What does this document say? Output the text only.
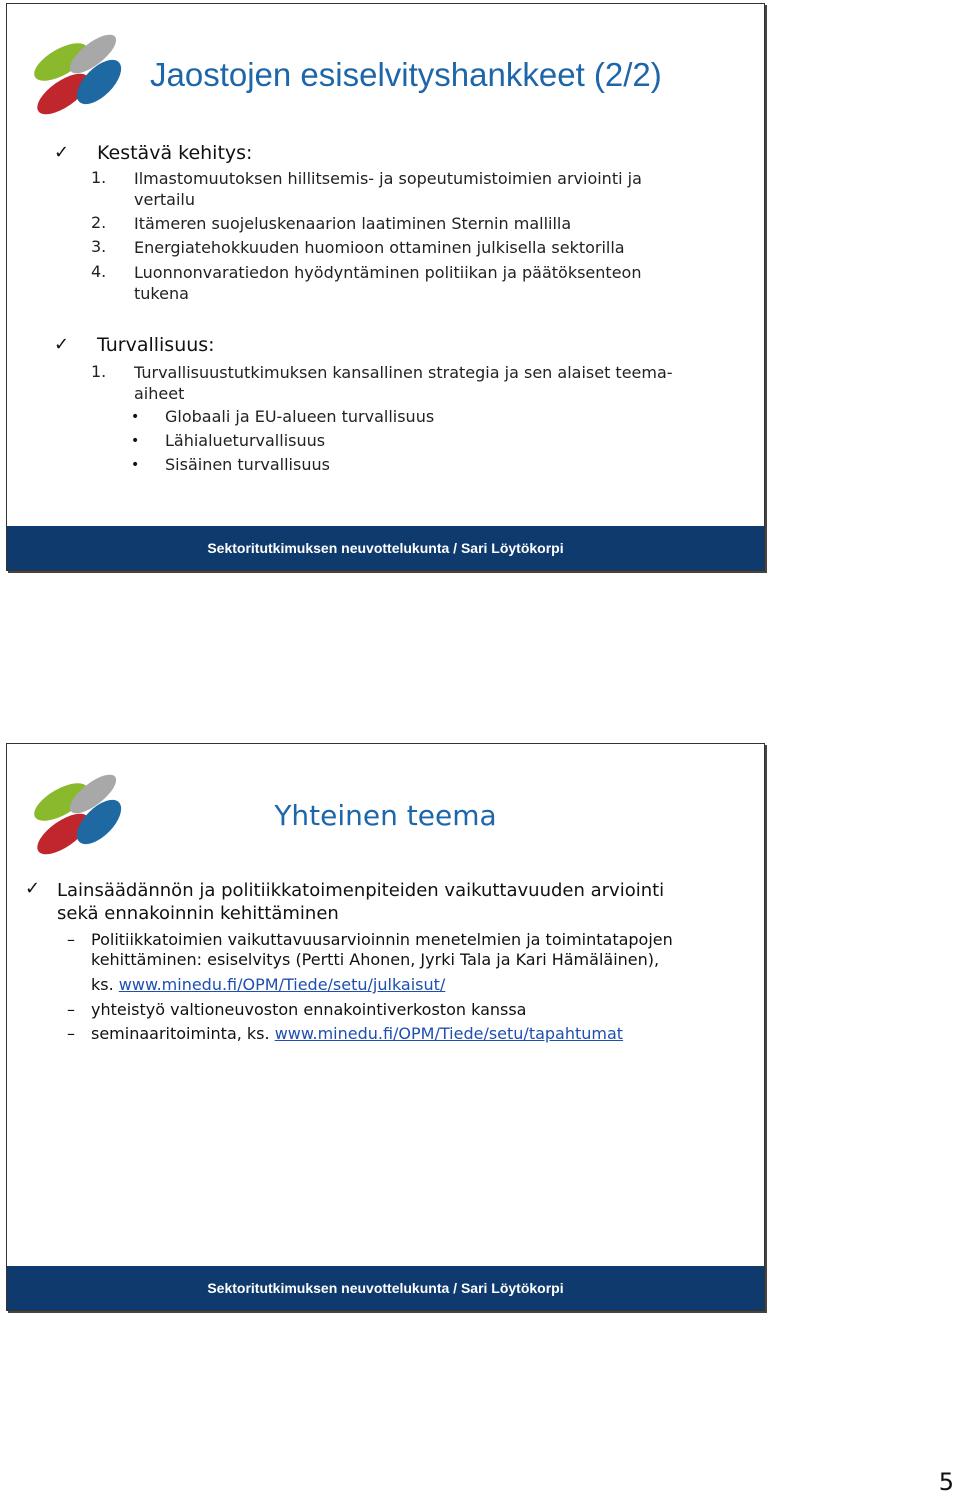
Jaostojen esiselvityshankkeet (2/2)
✓ Kestävä kehitys:
1. Ilmastomuutoksen hillitsemis- ja sopeutumistoimien arviointi ja
vertailu
2. Itämeren suojeluskenaarion laatiminen Sternin mallilla
3. Energiatehokkuuden huomioon ottaminen julkisella sektorilla
4. Luonnonvaratiedon hyödyntäminen politiikan ja päätöksenteon
tukena
✓ Turvallisuus:
1. Turvallisuustutkimuksen kansallinen strategia ja sen alaiset teema-
aiheet
• Globaali ja EU-alueen turvallisuus
• Lähialueturvallisuus
• Sisäinen turvallisuus
Sektoritutkimuksen neuvottelukunta / Sari Löytökorpi
Yhteinen teema
✓ Lainsäädännön ja politiikkatoimenpiteiden vaikuttavuuden arviointi
sekä ennakoinnin kehittäminen
– Politiikkatoimien vaikuttavuusarvioinnin menetelmien ja toimintatapojen
kehittäminen: esiselvitys (Pertti Ahonen, Jyrki Tala ja Kari Hämäläinen),
ks. www.minedu.fi/OPM/Tiede/setu/julkaisut/
– yhteistyö valtioneuvoston ennakointiverkoston kanssa
– seminaaritoiminta, ks. www.minedu.fi/OPM/Tiede/setu/tapahtumat
Sektoritutkimuksen neuvottelukunta / Sari Löytökorpi
5
